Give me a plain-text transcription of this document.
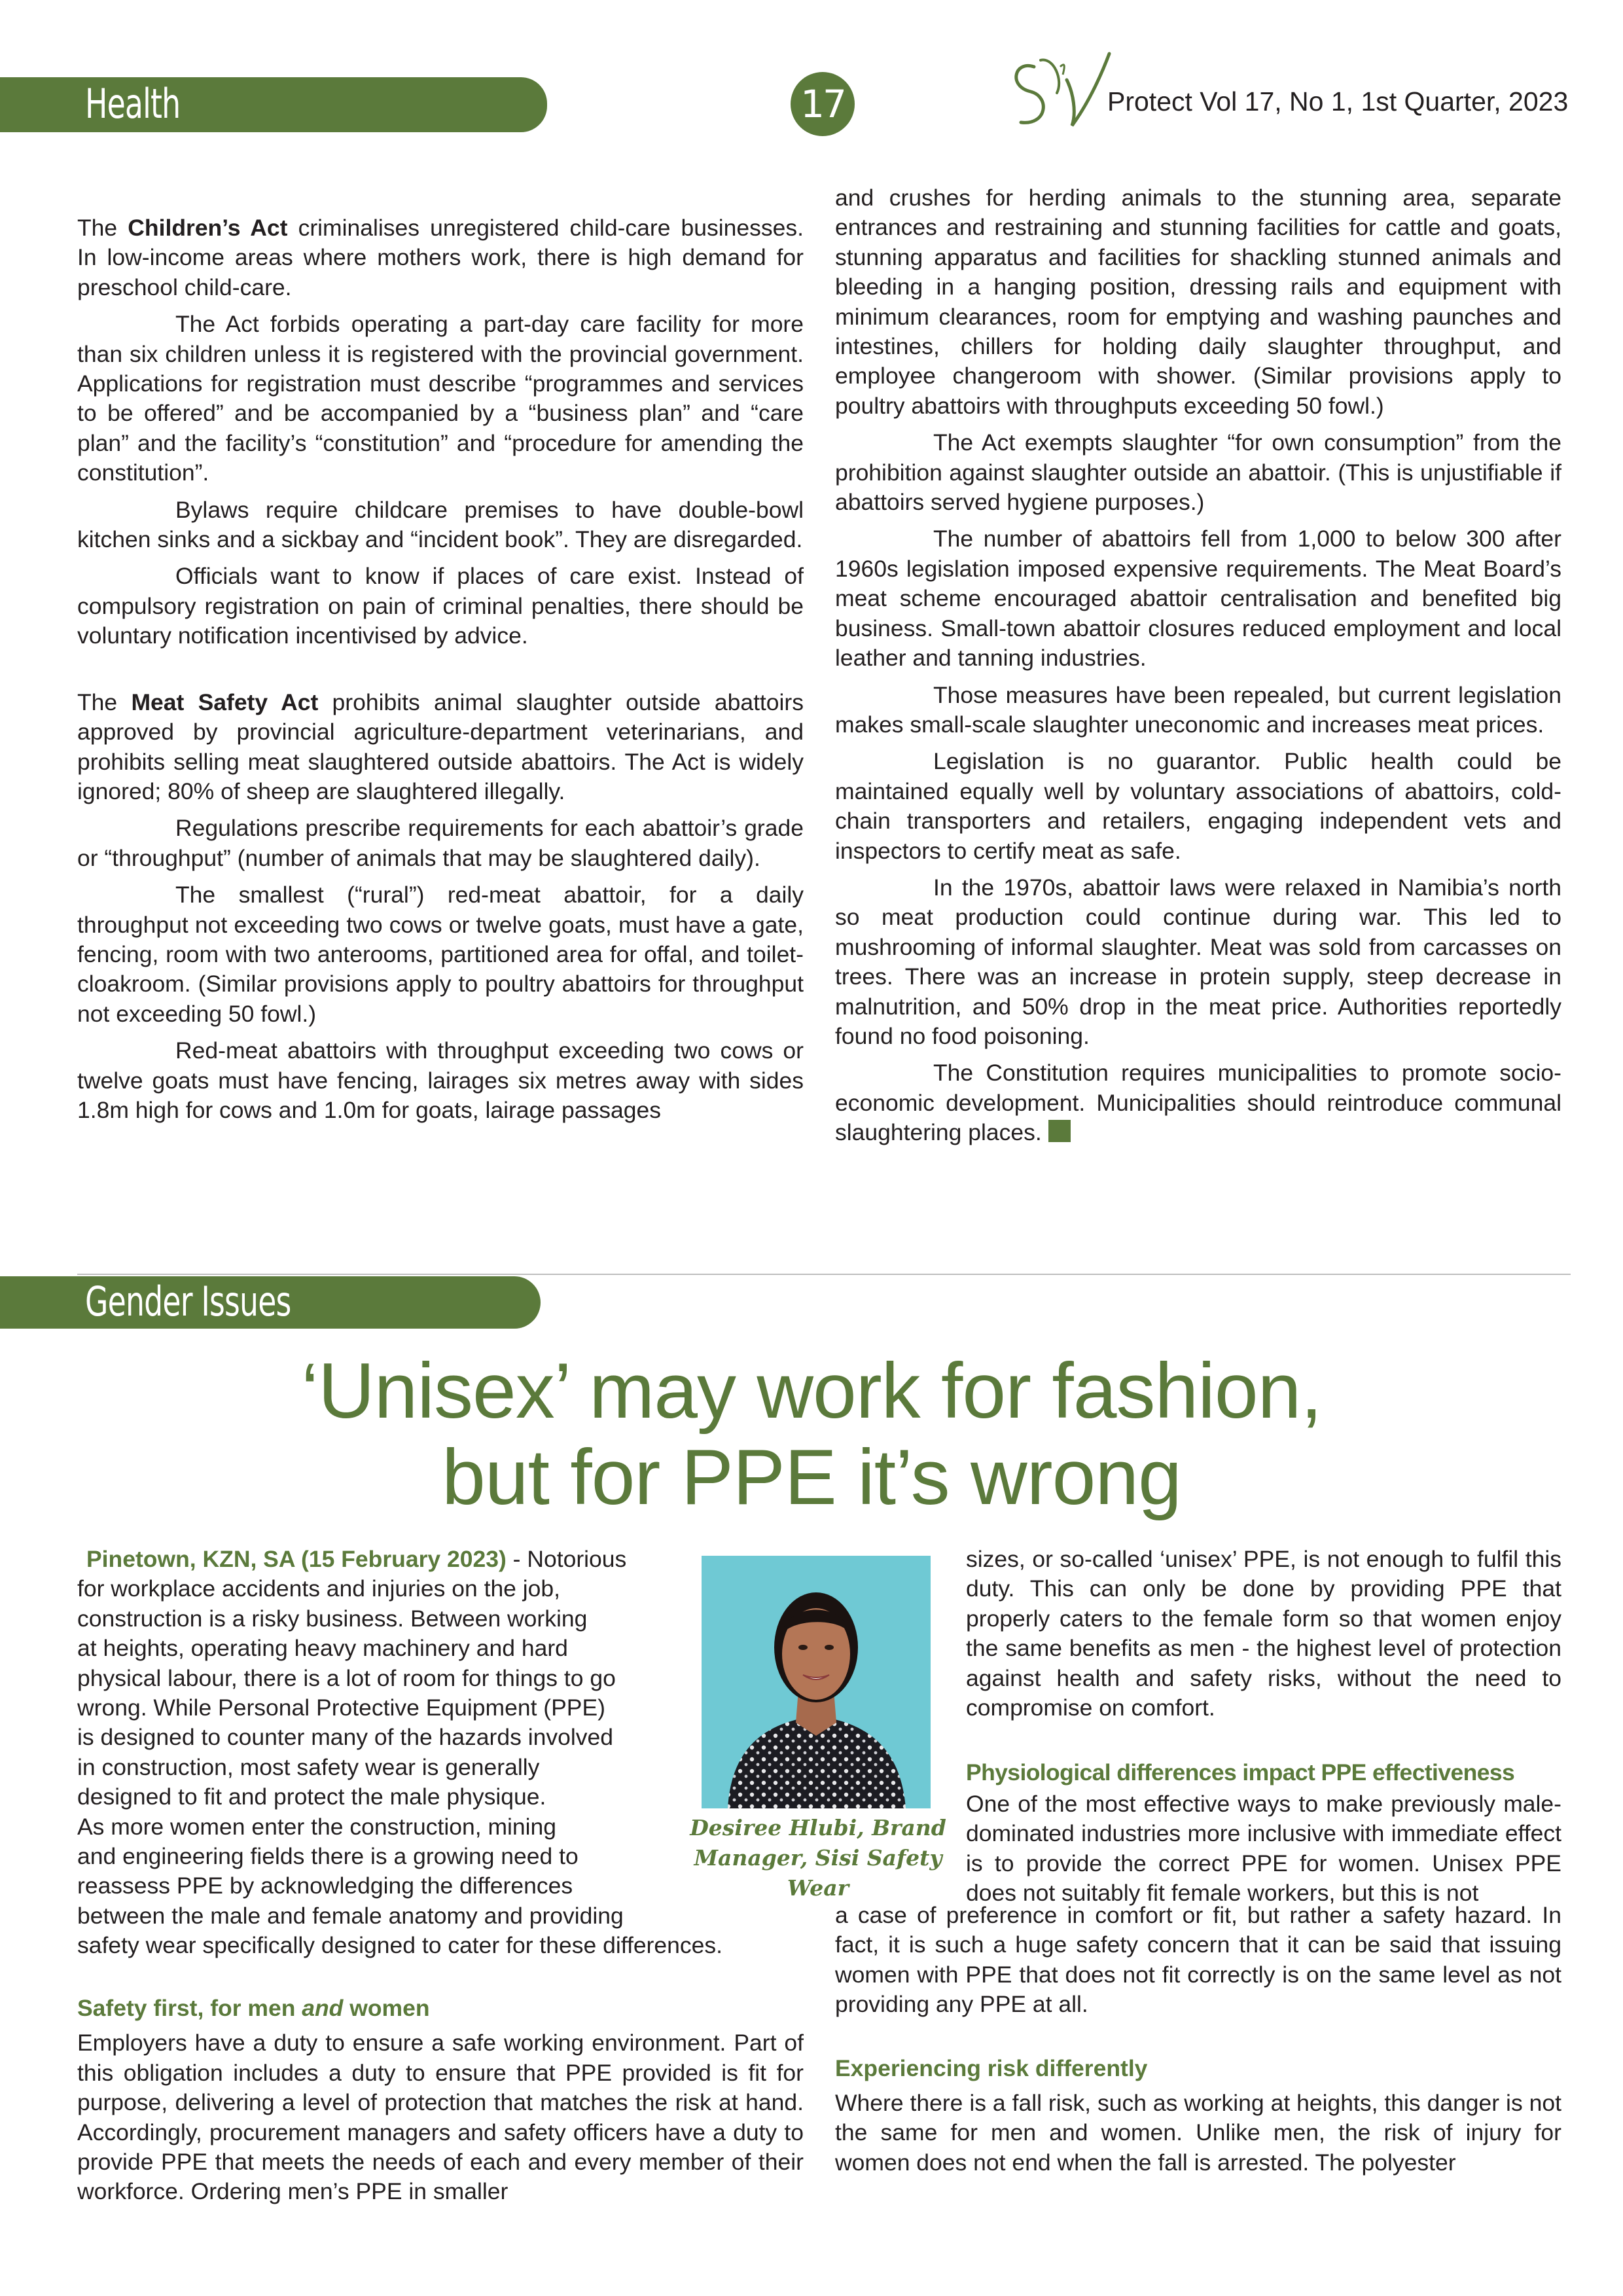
Health	17	Protect Vol 17, No 1, 1st Quarter, 2023

The Children’s Act criminalises unregistered child-care businesses. In low-income areas where mothers work, there is high demand for preschool child-care.

The Act forbids operating a part-day care facility for more than six children unless it is registered with the provincial government. Applications for registration must describe “programmes and services to be offered” and be accompanied by a “business plan” and “care plan” and the facility’s “constitution” and “procedure for amending the constitution”.

Bylaws require childcare premises to have double-bowl kitchen sinks and a sickbay and “incident book”. They are disregarded.

Officials want to know if places of care exist. Instead of compulsory registration on pain of criminal penalties, there should be voluntary notification incentivised by advice.

The Meat Safety Act prohibits animal slaughter outside abattoirs approved by provincial agriculture-department veterinarians, and prohibits selling meat slaughtered outside abattoirs. The Act is widely ignored; 80% of sheep are slaughtered illegally.

Regulations prescribe requirements for each abattoir’s grade or “throughput” (number of animals that may be slaughtered daily).

The smallest (“rural”) red-meat abattoir, for a daily throughput not exceeding two cows or twelve goats, must have a gate, fencing, room with two anterooms, partitioned area for offal, and toilet-cloakroom. (Similar provisions apply to poultry abattoirs for throughput not exceeding 50 fowl.)

Red-meat abattoirs with throughput exceeding two cows or twelve goats must have fencing, lairages six metres away with sides 1.8m high for cows and 1.0m for goats, lairage passages

and crushes for herding animals to the stunning area, separate entrances and restraining and stunning facilities for cattle and goats, stunning apparatus and facilities for shackling stunned animals and bleeding in a hanging position, dressing rails and equipment with minimum clearances, room for emptying and washing paunches and intestines, chillers for holding daily slaughter throughput, and employee changeroom with shower. (Similar provisions apply to poultry abattoirs with throughputs exceeding 50 fowl.)

The Act exempts slaughter “for own consumption” from the prohibition against slaughter outside an abattoir. (This is unjustifiable if abattoirs served hygiene purposes.)

The number of abattoirs fell from 1,000 to below 300 after 1960s legislation imposed expensive requirements. The Meat Board’s meat scheme encouraged abattoir centralisation and benefited big business. Small-town abattoir closures reduced employment and local leather and tanning industries.

Those measures have been repealed, but current legislation makes small-scale slaughter uneconomic and increases meat prices.

Legislation is no guarantor. Public health could be maintained equally well by voluntary associations of abattoirs, cold-chain transporters and retailers, engaging independent vets and inspectors to certify meat as safe.

In the 1970s, abattoir laws were relaxed in Namibia’s north so meat production could continue during war. This led to mushrooming of informal slaughter. Meat was sold from carcasses on trees. There was an increase in protein supply, steep decrease in malnutrition, and 50% drop in the meat price. Authorities reportedly found no food poisoning.

The Constitution requires municipalities to promote socio-economic development. Municipalities should reintroduce communal slaughtering places.

Gender Issues
‘Unisex’ may work for fashion,
but for PPE it’s wrong
Pinetown, KZN, SA (15 February 2023) - Notorious
for workplace accidents and injuries on the job,
construction is a risky business. Between working
at heights, operating heavy machinery and hard
physical labour, there is a lot of room for things to go
wrong. While Personal Protective Equipment (PPE)
is designed to counter many of the hazards involved
in construction, most safety wear is generally
designed to fit and protect the male physique.
As more women enter the construction, mining
and engineering fields there is a growing need to
reassess PPE by acknowledging the differences
between the male and female anatomy and providing
safety wear specifically designed to cater for these differences.
Desiree Hlubi, Brand
Manager, Sisi Safety Wear
Safety first, for men and women

Employers have a duty to ensure a safe working environment. Part of this obligation includes a duty to ensure that PPE provided is fit for purpose, delivering a level of protection that matches the risk at hand. Accordingly, procurement managers and safety officers have a duty to provide PPE that meets the needs of each and every member of their workforce. Ordering men’s PPE in smaller

sizes, or so-called ‘unisex’ PPE, is not enough to fulfil this duty. This can only be done by providing PPE that properly caters to the female form so that women enjoy the same benefits as men - the highest level of protection against health and safety risks, without the need to compromise on comfort.

Physiological differences impact PPE effectiveness

One of the most effective ways to make previously male-dominated industries more inclusive with immediate effect is to provide the correct PPE for women. Unisex PPE does not suitably fit female workers, but this is not

a case of preference in comfort or fit, but rather a safety hazard. In fact, it is such a huge safety concern that it can be said that issuing women with PPE that does not fit correctly is on the same level as not providing any PPE at all.

Experiencing risk differently

Where there is a fall risk, such as working at heights, this danger is not the same for men and women. Unlike men, the risk of injury for women does not end when the fall is arrested. The polyester
